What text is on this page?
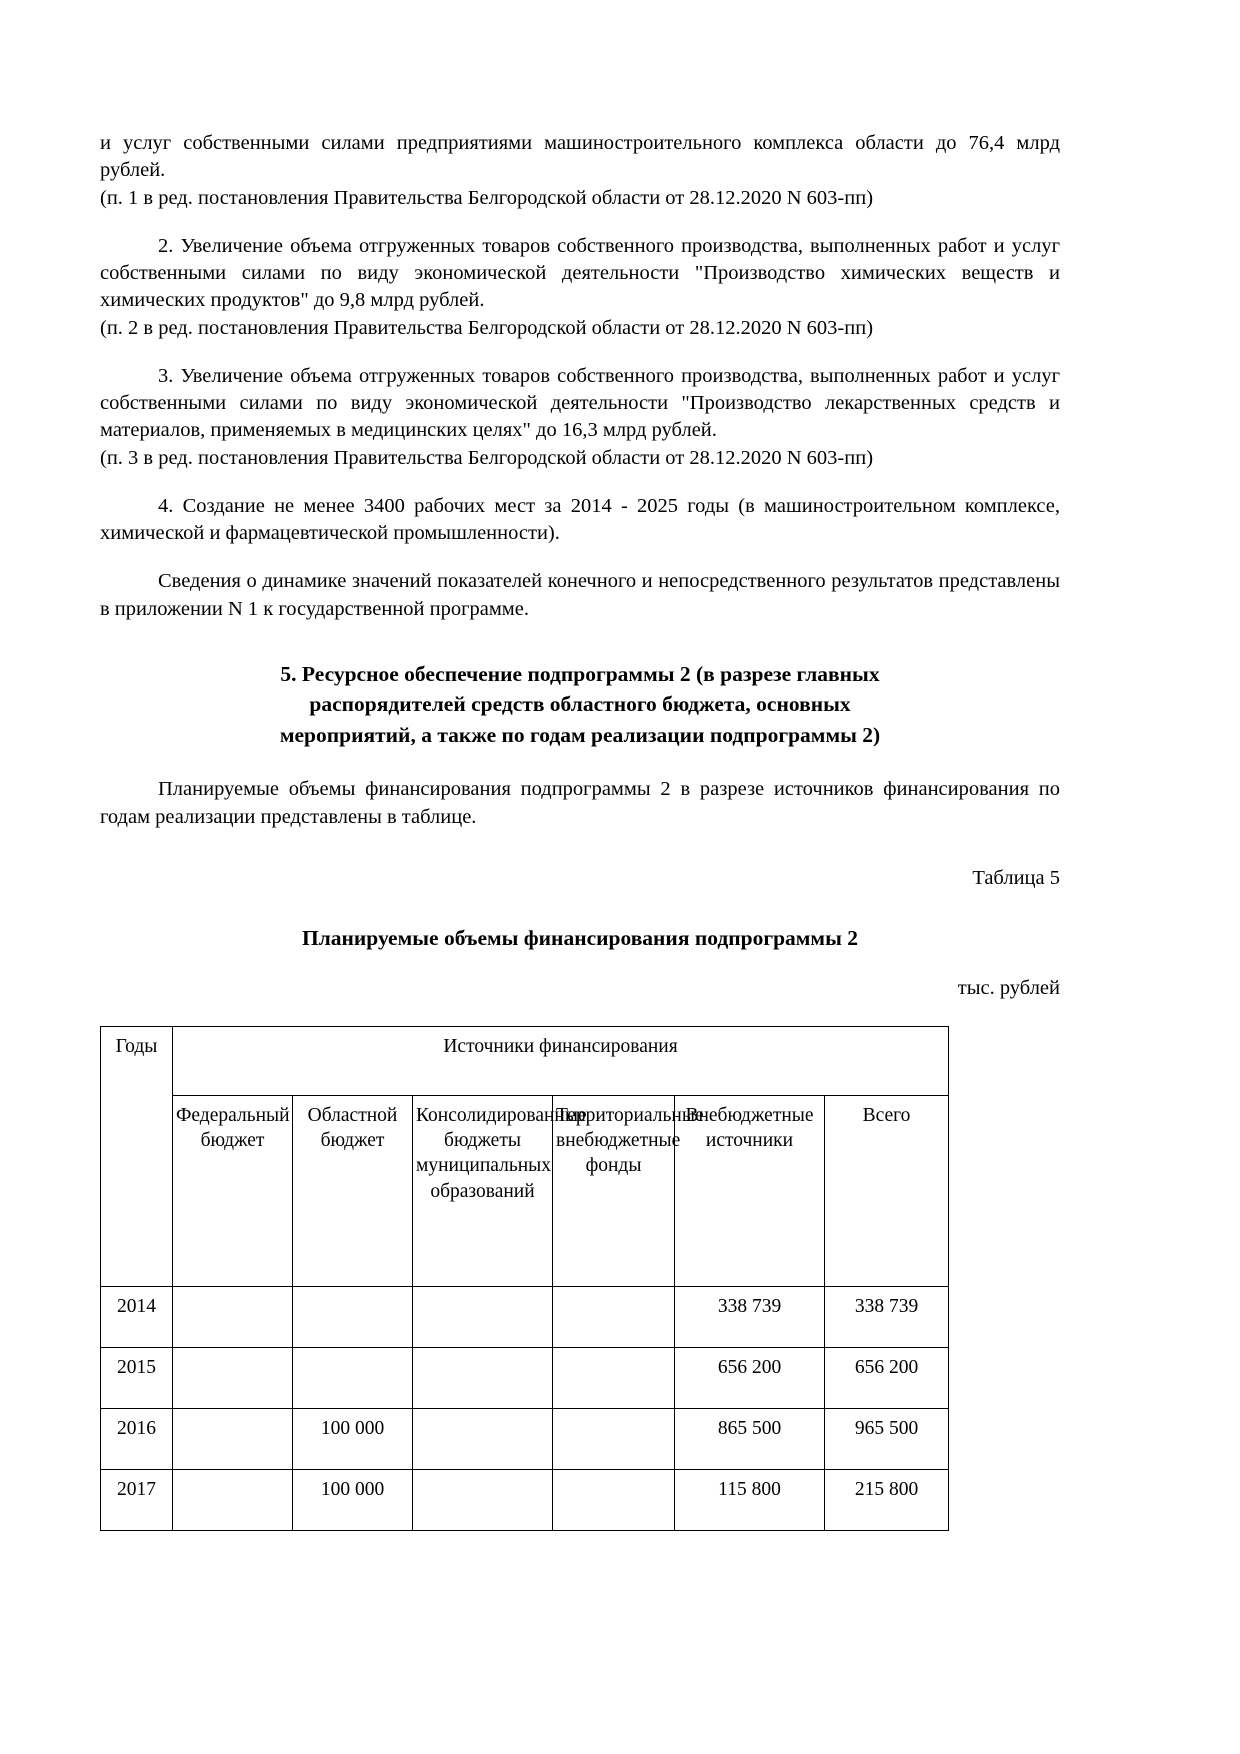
и услуг собственными силами предприятиями машиностроительного комплекса области до 76,4 млрд рублей.

(п. 1 в ред. постановления Правительства Белгородской области от 28.12.2020 N 603-пп)

2. Увеличение объема отгруженных товаров собственного производства, выполненных работ и услуг собственными силами по виду экономической деятельности "Производство химических веществ и химических продуктов" до 9,8 млрд рублей.

(п. 2 в ред. постановления Правительства Белгородской области от 28.12.2020 N 603-пп)

3. Увеличение объема отгруженных товаров собственного производства, выполненных работ и услуг собственными силами по виду экономической деятельности "Производство лекарственных средств и материалов, применяемых в медицинских целях" до 16,3 млрд рублей.

(п. 3 в ред. постановления Правительства Белгородской области от 28.12.2020 N 603-пп)

4. Создание не менее 3400 рабочих мест за 2014 - 2025 годы (в машиностроительном комплексе, химической и фармацевтической промышленности).

Сведения о динамике значений показателей конечного и непосредственного результатов представлены в приложении N 1 к государственной программе.

5. Ресурсное обеспечение подпрограммы 2 (в разрезе главных

распорядителей средств областного бюджета, основных

мероприятий, а также по годам реализации подпрограммы 2)

Планируемые объемы финансирования подпрограммы 2 в разрезе источников финансирования по годам реализации представлены в таблице.

Таблица 5

Планируемые объемы финансирования подпрограммы 2

тыс. рублей

Годы	Источники финансирования					
	Федеральный бюджет	Областной бюджет	Консолидированные бюджеты муниципальных образований	Территориальные внебюджетные фонды	Внебюджетные источники	Всего
2014					338 739	338 739
2015					656 200	656 200
2016		100 000			865 500	965 500
2017		100 000			115 800	215 800
